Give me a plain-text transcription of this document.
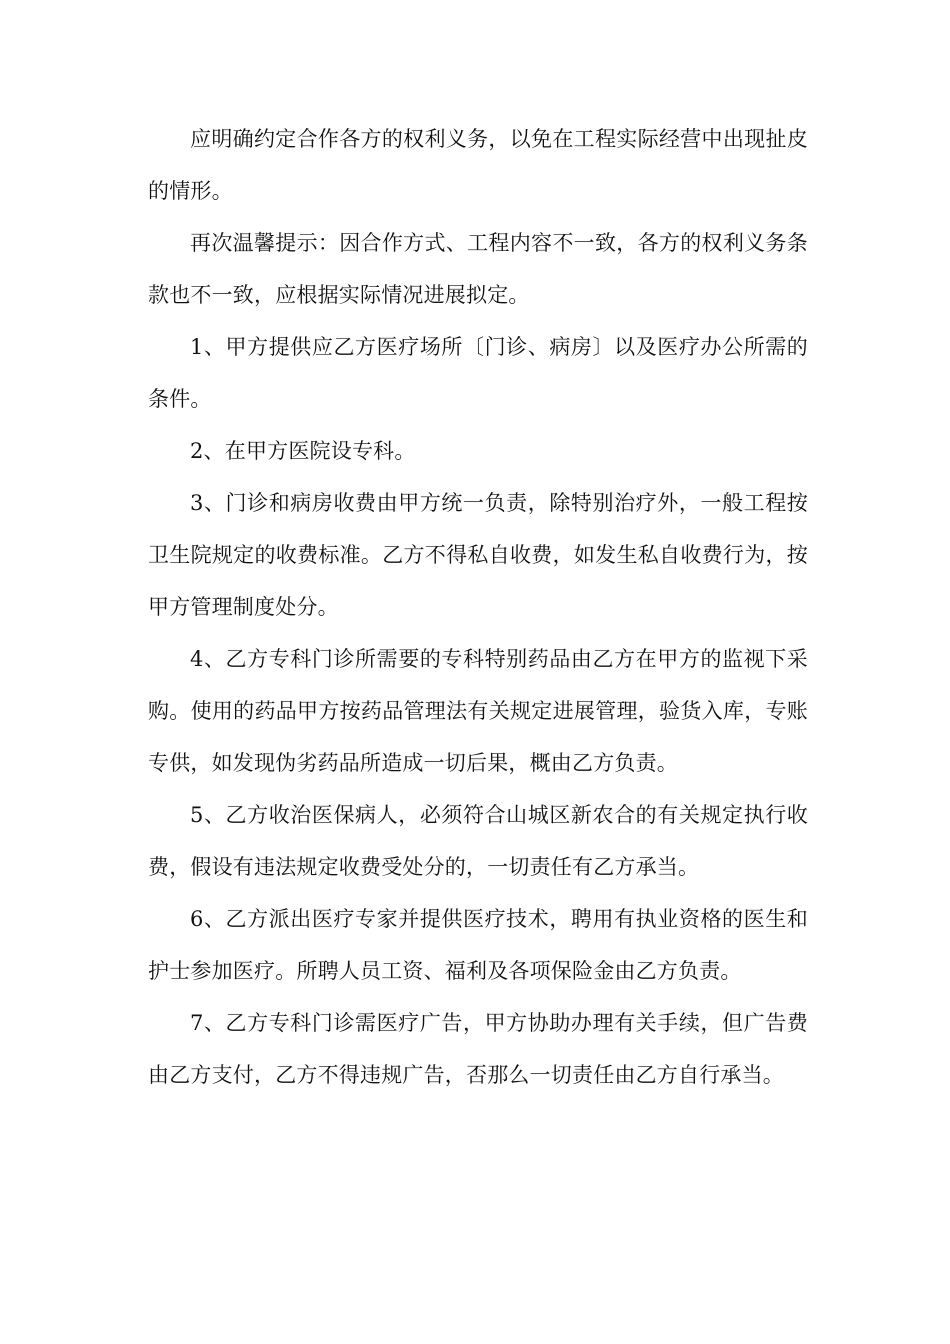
应明确约定合作各方的权利义务，以免在工程实际经营中出现扯皮的情形。

再次温馨提示：因合作方式、工程内容不一致，各方的权利义务条款也不一致，应根据实际情况进展拟定。

1、甲方提供应乙方医疗场所〔门诊、病房〕以及医疗办公所需的条件。

2、在甲方医院设专科。

3、门诊和病房收费由甲方统一负责，除特别治疗外，一般工程按卫生院规定的收费标准。乙方不得私自收费，如发生私自收费行为，按甲方管理制度处分。

4、乙方专科门诊所需要的专科特别药品由乙方在甲方的监视下采购。使用的药品甲方按药品管理法有关规定进展管理，验货入库，专账专供，如发现伪劣药品所造成一切后果，概由乙方负责。

5、乙方收治医保病人，必须符合山城区新农合的有关规定执行收费，假设有违法规定收费受处分的，一切责任有乙方承当。

6、乙方派出医疗专家并提供医疗技术，聘用有执业资格的医生和护士参加医疗。所聘人员工资、福利及各项保险金由乙方负责。

7、乙方专科门诊需医疗广告，甲方协助办理有关手续，但广告费由乙方支付，乙方不得违规广告，否那么一切责任由乙方自行承当。
